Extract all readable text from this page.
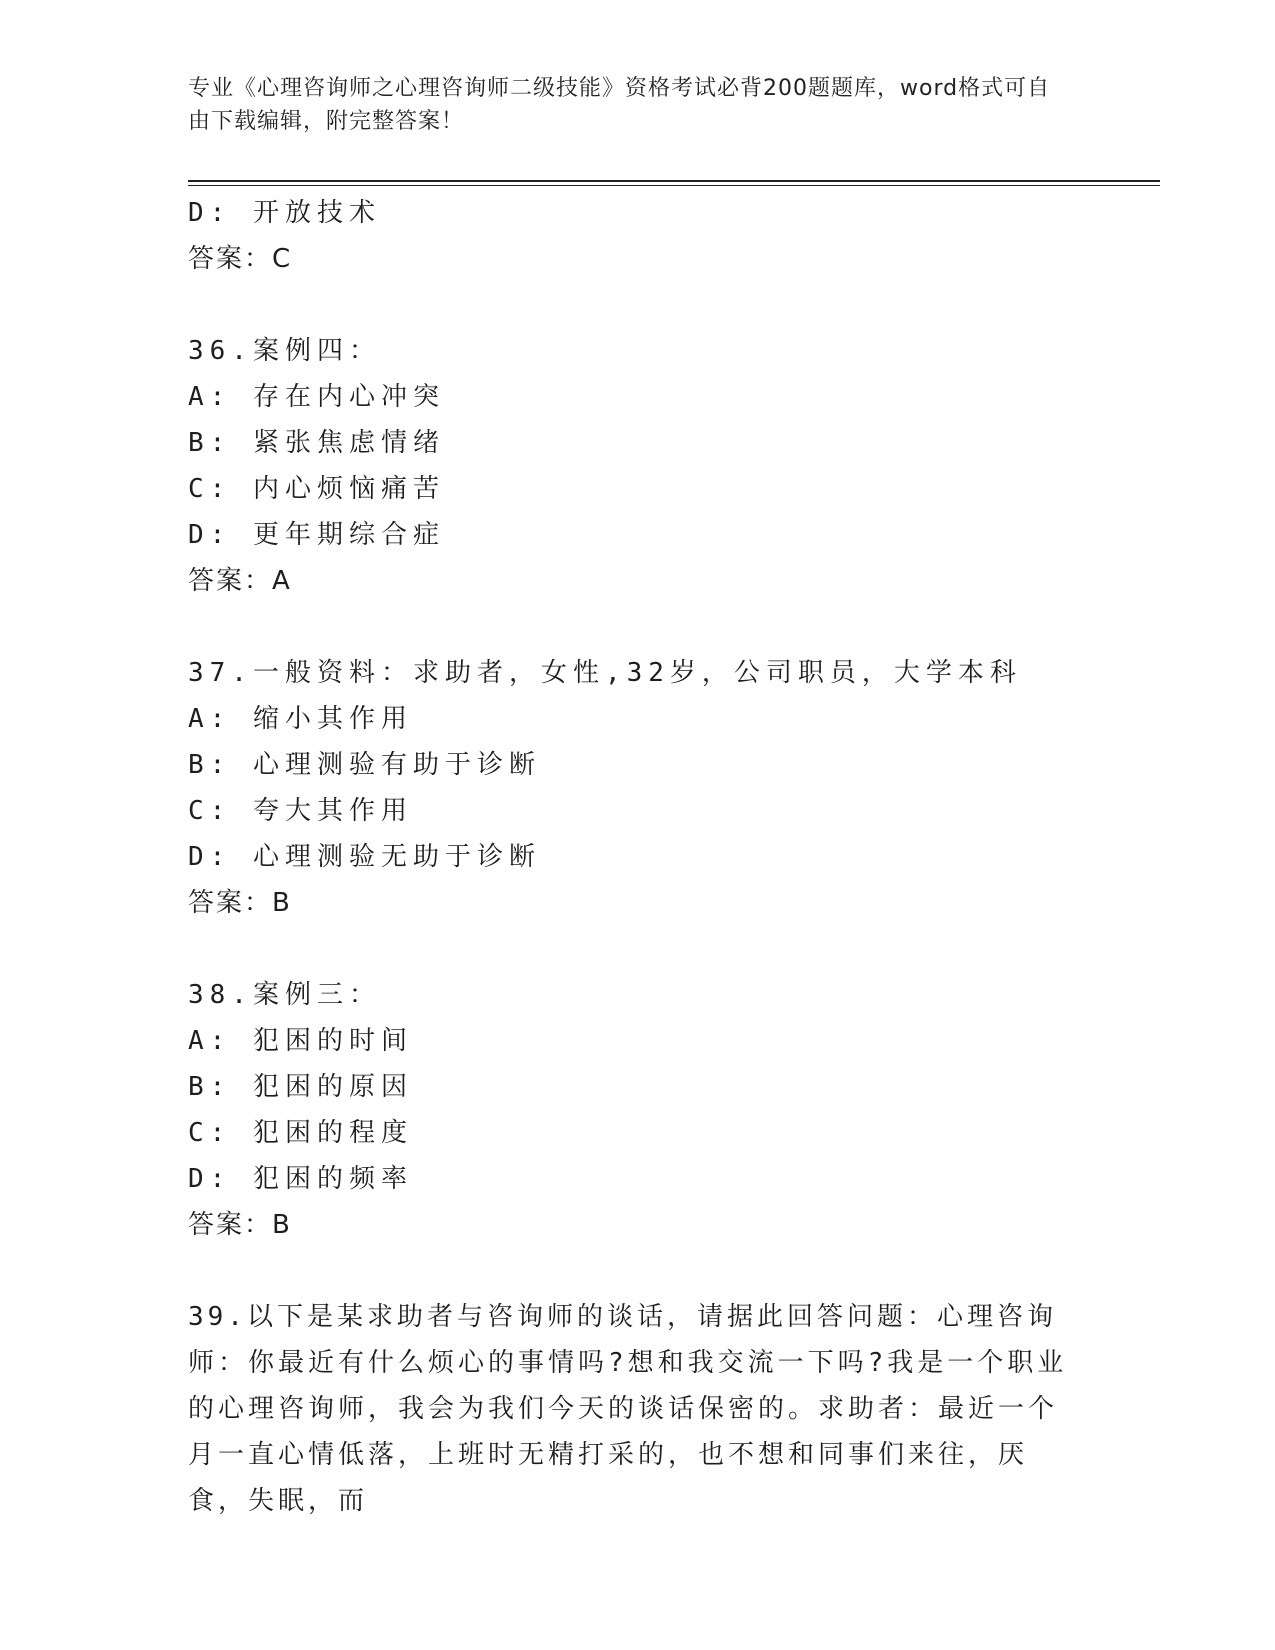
专业《心理咨询师之心理咨询师二级技能》资格考试必背200题题库，word格式可自由下载编辑，附完整答案！
D: 开放技术
答案：C
36.案例四：
A: 存在内心冲突
B: 紧张焦虑情绪
C: 内心烦恼痛苦
D: 更年期综合症
答案：A
37.一般资料：求助者，女性,32岁，公司职员，大学本科
A: 缩小其作用
B: 心理测验有助于诊断
C: 夸大其作用
D: 心理测验无助于诊断
答案：B
38.案例三：
A: 犯困的时间
B: 犯困的原因
C: 犯困的程度
D: 犯困的频率
答案：B
39.以下是某求助者与咨询师的谈话，请据此回答问题：心理咨询师：你最近有什么烦心的事情吗?想和我交流一下吗?我是一个职业的心理咨询师，我会为我们今天的谈话保密的。求助者：最近一个月一直心情低落，上班时无精打采的，也不想和同事们来往，厌食，失眠，而
